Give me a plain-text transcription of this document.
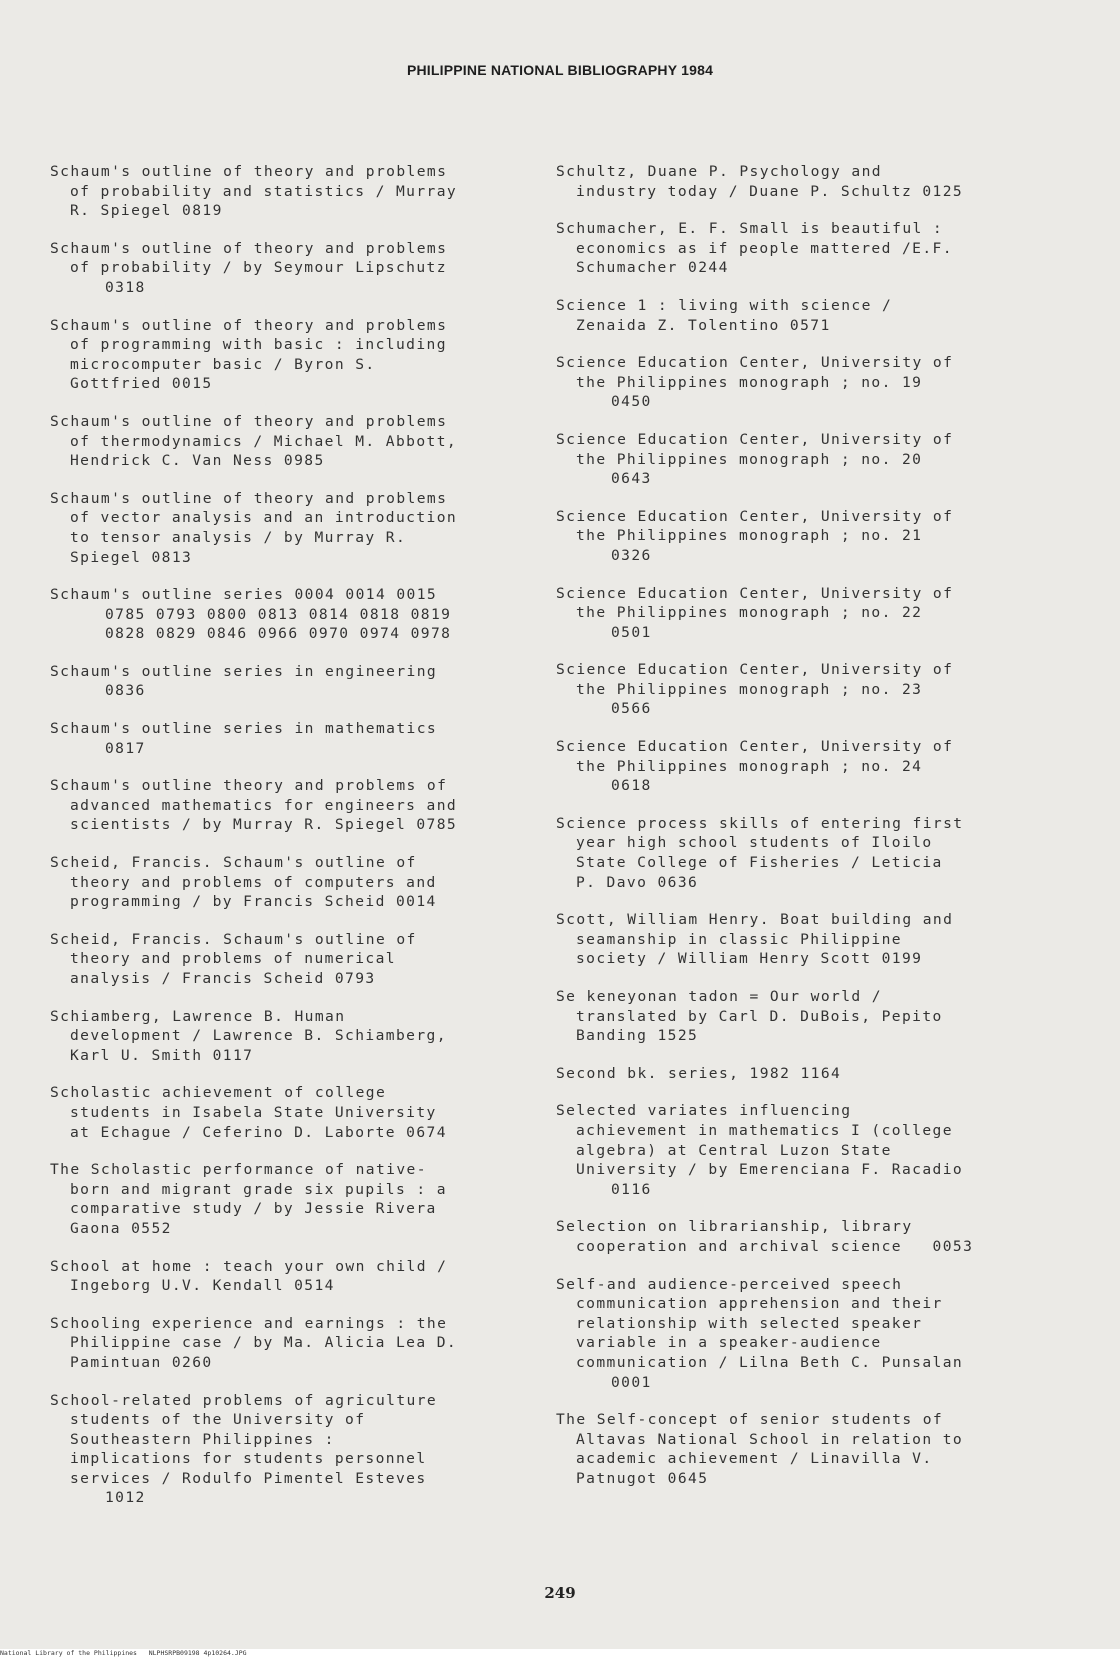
PHILIPPINE NATIONAL BIBLIOGRAPHY 1984
Schaum's outline of theory and problems
of probability and statistics / Murray
R. Spiegel 0819
Schaum's outline of theory and problems
of probability / by Seymour Lipschutz
0318
Schaum's outline of theory and problems
of programming with basic : including
microcomputer basic / Byron S.
Gottfried 0015
Schaum's outline of theory and problems
of thermodynamics / Michael M. Abbott,
Hendrick C. Van Ness 0985
Schaum's outline of theory and problems
of vector analysis and an introduction
to tensor analysis / by Murray R.
Spiegel 0813
Schaum's outline series 0004 0014 0015
0785 0793 0800 0813 0814 0818 0819
0828 0829 0846 0966 0970 0974 0978
Schaum's outline series in engineering
0836
Schaum's outline series in mathematics
0817
Schaum's outline theory and problems of
advanced mathematics for engineers and
scientists / by Murray R. Spiegel 0785
Scheid, Francis. Schaum's outline of
theory and problems of computers and
programming / by Francis Scheid 0014
Scheid, Francis. Schaum's outline of
theory and problems of numerical
analysis / Francis Scheid 0793
Schiamberg, Lawrence B. Human
development / Lawrence B. Schiamberg,
Karl U. Smith 0117
Scholastic achievement of college
students in Isabela State University
at Echague / Ceferino D. Laborte 0674
The Scholastic performance of native-
born and migrant grade six pupils : a
comparative study / by Jessie Rivera
Gaona 0552
School at home : teach your own child /
Ingeborg U.V. Kendall 0514
Schooling experience and earnings : the
Philippine case / by Ma. Alicia Lea D.
Pamintuan 0260
School-related problems of agriculture
students of the University of
Southeastern Philippines :
implications for students personnel
services / Rodulfo Pimentel Esteves
1012
Schultz, Duane P. Psychology and
industry today / Duane P. Schultz 0125
Schumacher, E. F. Small is beautiful :
economics as if people mattered /E.F.
Schumacher 0244
Science 1 : living with science /
Zenaida Z. Tolentino 0571
Science Education Center, University of
the Philippines monograph ; no. 19
0450
Science Education Center, University of
the Philippines monograph ; no. 20
0643
Science Education Center, University of
the Philippines monograph ; no. 21
0326
Science Education Center, University of
the Philippines monograph ; no. 22
0501
Science Education Center, University of
the Philippines monograph ; no. 23
0566
Science Education Center, University of
the Philippines monograph ; no. 24
0618
Science process skills of entering first
year high school students of Iloilo
State College of Fisheries / Leticia
P. Davo 0636
Scott, William Henry. Boat building and
seamanship in classic Philippine
society / William Henry Scott 0199
Se keneyonan tadon = Our world /
translated by Carl D. DuBois, Pepito
Banding 1525
Second bk. series, 1982 1164
Selected variates influencing
achievement in mathematics I (college
algebra) at Central Luzon State
University / by Emerenciana F. Racadio
0116
Selection on librarianship, library
cooperation and archival science   0053
Self-and audience-perceived speech
communication apprehension and their
relationship with selected speaker
variable in a speaker-audience
communication / Lilna Beth C. Punsalan
0001
The Self-concept of senior students of
Altavas National School in relation to
academic achievement / Linavilla V.
Patnugot 0645
249
National Library of the Philippines NLPHSRPB09198 4p10264.JPG
